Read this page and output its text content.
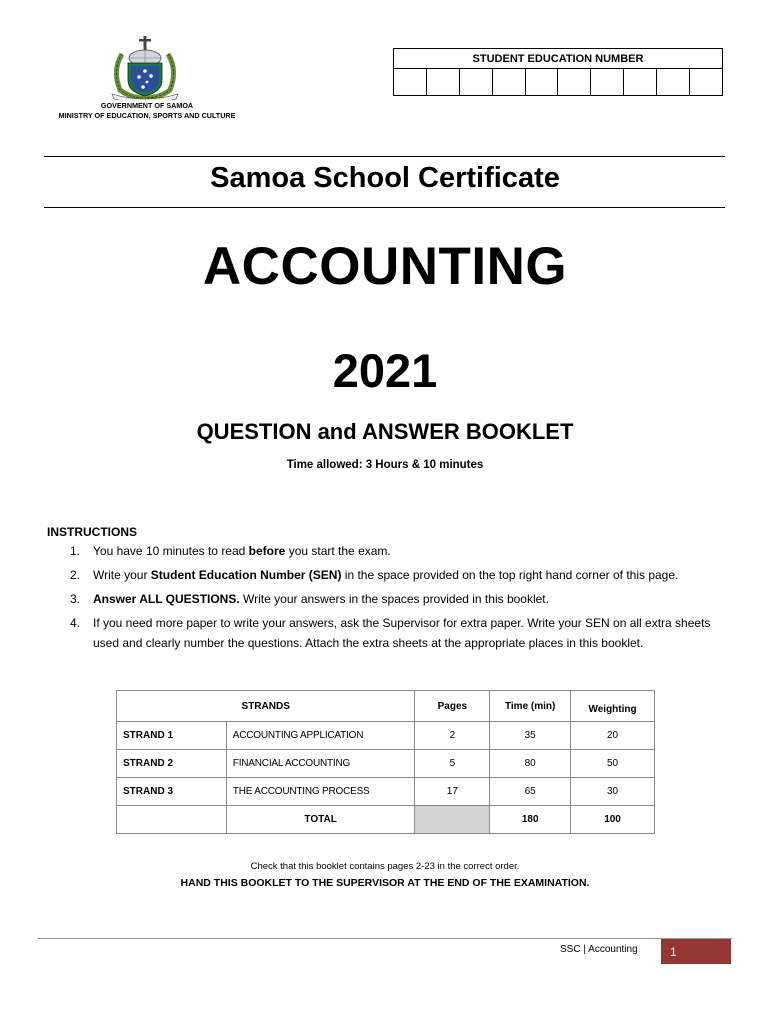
GOVERNMENT OF SAMOA
MINISTRY OF EDUCATION, SPORTS AND CULTURE
STUDENT EDUCATION NUMBER

Samoa School Certificate
ACCOUNTING
2021
QUESTION and ANSWER BOOKLET
Time allowed: 3 Hours & 10 minutes
INSTRUCTIONS
1. You have 10 minutes to read before you start the exam.
2. Write your Student Education Number (SEN) in the space provided on the top right hand corner of this page.
3. Answer ALL QUESTIONS. Write your answers in the spaces provided in this booklet.
4. If you need more paper to write your answers, ask the Supervisor for extra paper. Write your SEN on all extra sheets used and clearly number the questions. Attach the extra sheets at the appropriate places in this booklet.
STRANDS		Pages	Time (min)	Weighting
STRAND 1	ACCOUNTING APPLICATION	2	35	20
STRAND 2	FINANCIAL ACCOUNTING	5	80	50
STRAND 3	THE ACCOUNTING PROCESS	17	65	30
	TOTAL		180	100
Check that this booklet contains pages 2-23 in the correct order.
HAND THIS BOOKLET TO THE SUPERVISOR AT THE END OF THE EXAMINATION.
SSC | Accounting	1
